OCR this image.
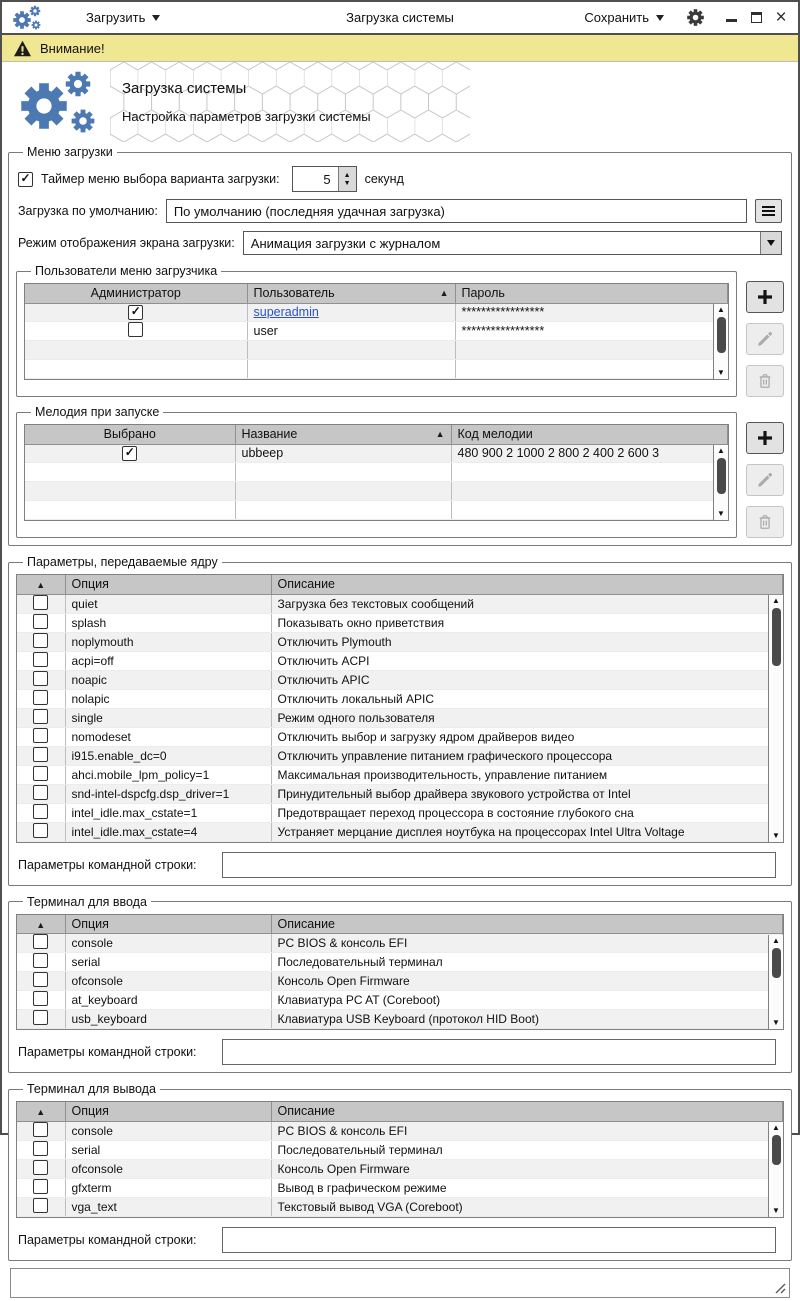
Загрузить	Загрузка системы	Сохранить	×
Внимание!
Загрузка системы
Настройка параметров загрузки системы
Меню загрузки
✓
Таймер меню выбора варианта загрузки:	5	▲
▼ секунд
Загрузка по умолчанию:	По умолчанию (последняя удачная загрузка)
Режим отображения экрана загрузки:	Анимация загрузки с журналом
Пользователи меню загрузчика
Администратор	Пользователь ▲	Пароль
✓	superadmin	*****************
	user	*****************

▲
▼
Мелодия при запуске
Выбрано	Название ▲	Код мелодии
✓	ubbeep	480 900 2 1000 2 800 2 400 2 600 3

			▲
▼
Параметры, передаваемые ядру
▲	Опция	Описание
	quiet	Загрузка без текстовых сообщений
	splash	Показывать окно приветствия
	noplymouth	Отключить Plymouth
	acpi=off	Отключить ACPI
	noapic	Отключить APIC
	nolapic	Отключить локальный APIC
	single	Режим одного пользователя
	nomodeset	Отключить выбор и загрузку ядром драйверов видео
	i915.enable_dc=0	Отключить управление питанием графического процессора
	ahci.mobile_lpm_policy=1	Максимальная производительность, управление питанием
	snd-intel-dspcfg.dsp_driver=1	Принудительный выбор драйвера звукового устройства от Intel
	intel_idle.max_cstate=1	Предотвращает переход процессора в состояние глубокого сна
	intel_idle.max_cstate=4	Устраняет мерцание дисплея ноутбука на процессорах Intel Ultra Voltage
▲
▼
Параметры командной строки:
Терминал для ввода
▲	Опция	Описание
	console	PC BIOS & консоль EFI
	serial	Последовательный терминал
	ofconsole	Консоль Open Firmware
	at_keyboard	Клавиатура PC AT (Coreboot)
	usb_keyboard	Клавиатура USB Keyboard (протокол HID Boot)
▲
▼
Параметры командной строки:
Терминал для вывода
▲	Опция	Описание
	console	PC BIOS & консоль EFI
	serial	Последовательный терминал
	ofconsole	Консоль Open Firmware
	gfxterm	Вывод в графическом режиме
	vga_text	Текстовый вывод VGA (Coreboot)
▲
▼
Параметры командной строки:
